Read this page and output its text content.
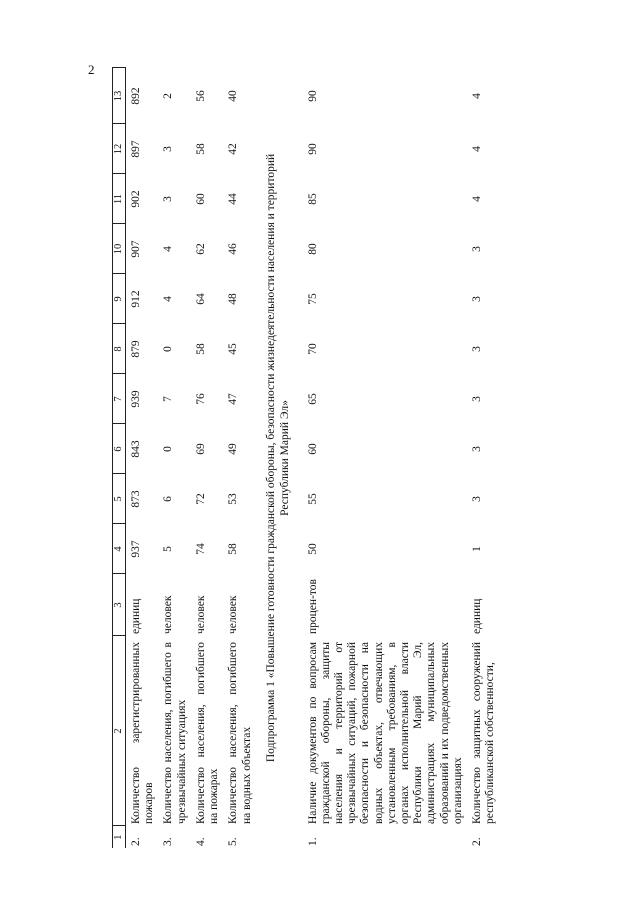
2
1	2	3	4	5	6	7	8	9	10	11	12	13
2.	Количество зарегистрированных пожаров	единиц	937	873	843	939	879	912	907	902	897	892
3.	Количество населения, погибшего в чрезвычайных ситуациях	человек	5	6	0	7	0	4	4	3	3	2
4.	Количество населения, погибшего на пожарах	человек	74	72	69	76	58	64	62	60	58	56
5.	Количество населения, погибшего на водных объектах	человек	58	53	49	47	45	48	46	44	42	40

Подпрограмма 1 «Повышение готовности гражданской обороны, безопасности жизнедеятельности населения и территорий Республики Марий Эл»												

1.	Наличие документов по вопросам гражданской обороны, защиты населения и территорий от чрезвычайных ситуаций, пожарной безопасности и безопасности на водных объектах, отвечающих установленным требованиям, в органах исполнительной власти Республики Марий Эл, администрациях муниципальных образований и их подведомственных организациях	процен-тов	50	55	60	65	70	75	80	85	90	90
2.	Количество защитных сооружений республиканской собственности,	единиц	1	3	3	3	3	3	3	4	4	4
